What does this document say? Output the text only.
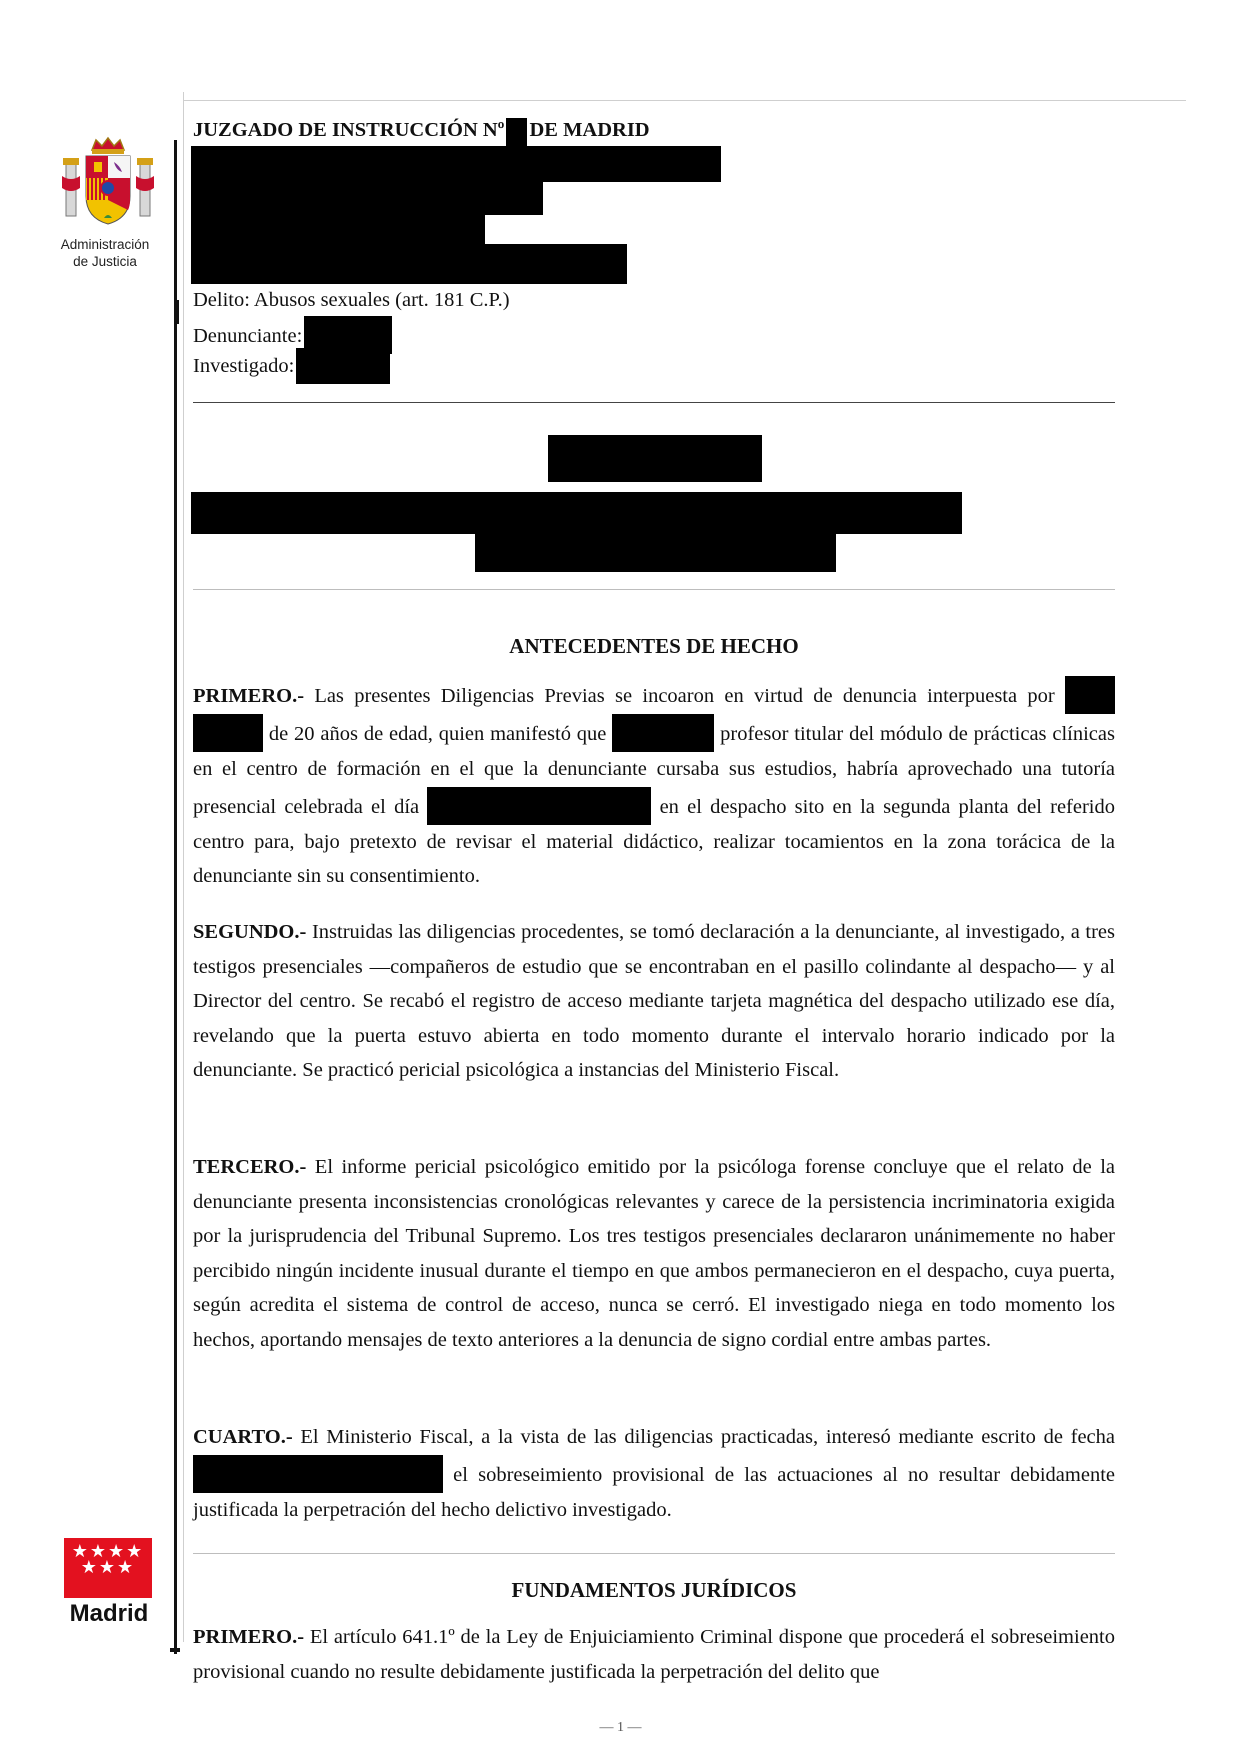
Administración
de Justicia
★★★★
★★★
Madrid
JUZGADO DE INSTRUCCIÓN Nº DE MADRID
Delito: Abusos sexuales (art. 181 C.P.)
Denunciante:
Investigado:
ANTECEDENTES DE HECHO
PRIMERO.- Las presentes Diligencias Previas se incoaron en virtud de denuncia interpuesta por   de 20 años de edad, quien manifestó que	profesor titular del módulo de prácticas clínicas en el centro de formación en el que la denunciante cursaba sus estudios, habría aprovechado una tutoría presencial celebrada el día	en el despacho sito en la segunda planta del referido centro para, bajo pretexto de revisar el material didáctico, realizar tocamientos en la zona torácica de la denunciante sin su consentimiento.
SEGUNDO.- Instruidas las diligencias procedentes, se tomó declaración a la denunciante, al investigado, a tres testigos presenciales —compañeros de estudio que se encontraban en el pasillo colindante al despacho— y al Director del centro. Se recabó el registro de acceso mediante tarjeta magnética del despacho utilizado ese día, revelando que la puerta estuvo abierta en todo momento durante el intervalo horario indicado por la denunciante. Se practicó pericial psicológica a instancias del Ministerio Fiscal.
TERCERO.- El informe pericial psicológico emitido por la psicóloga forense concluye que el relato de la denunciante presenta inconsistencias cronológicas relevantes y carece de la persistencia incriminatoria exigida por la jurisprudencia del Tribunal Supremo. Los tres testigos presenciales declararon unánimemente no haber percibido ningún incidente inusual durante el tiempo en que ambos permanecieron en el despacho, cuya puerta, según acredita el sistema de control de acceso, nunca se cerró. El investigado niega en todo momento los hechos, aportando mensajes de texto anteriores a la denuncia de signo cordial entre ambas partes.
CUARTO.- El Ministerio Fiscal, a la vista de las diligencias practicadas, interesó mediante escrito de fecha  el sobreseimiento provisional de las actuaciones al no resultar debidamente justificada la perpetración del hecho delictivo investigado.
FUNDAMENTOS JURÍDICOS
PRIMERO.- El artículo 641.1º de la Ley de Enjuiciamiento Criminal dispone que procederá el sobreseimiento provisional cuando no resulte debidamente justificada la perpetración del delito que
— 1 —
